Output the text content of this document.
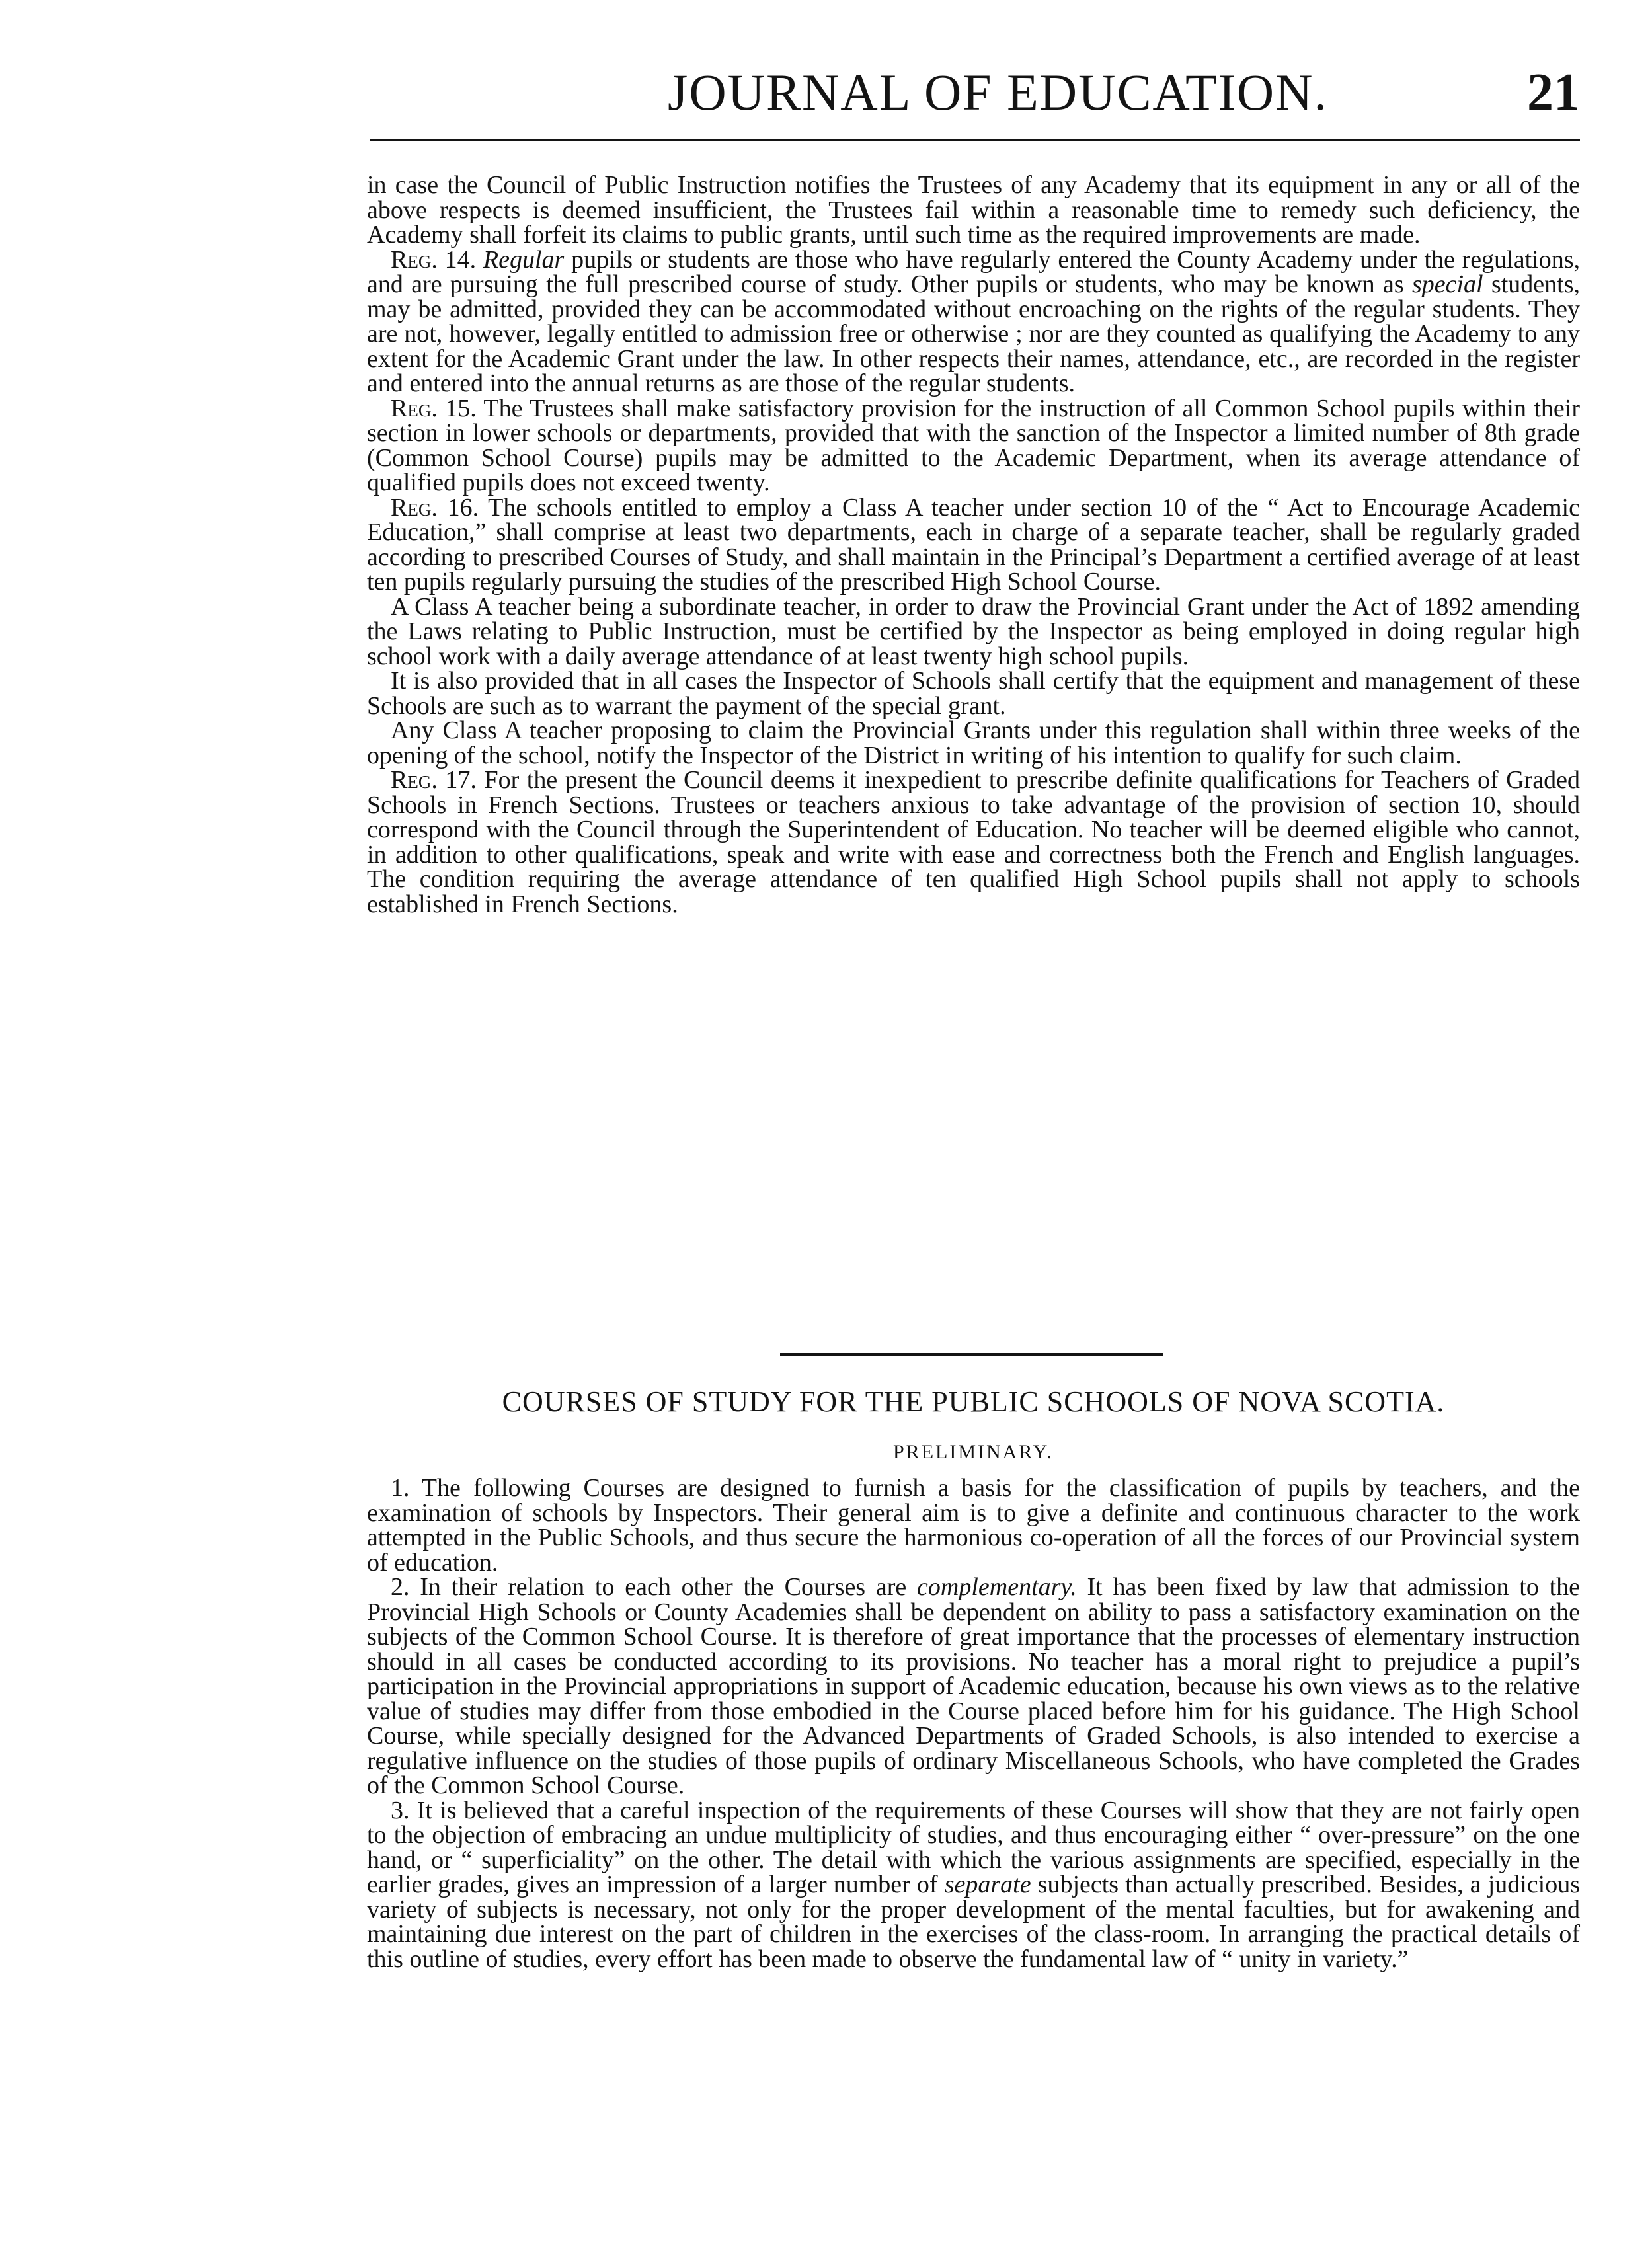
JOURNAL OF EDUCATION.	21

in case the Council of Public Instruction notifies the Trustees of any Academy that its equipment in any or all of the above respects is deemed insufficient, the Trustees fail within a reasonable time to remedy such deficiency, the Academy shall forfeit its claims to public grants, until such time as the required improvements are made.

Reg. 14. Regular pupils or students are those who have regularly entered the County Academy under the regulations, and are pursuing the full prescribed course of study. Other pupils or students, who may be known as special students, may be admitted, provided they can be accommodated without encroaching on the rights of the regular students. They are not, however, legally entitled to admission free or otherwise ; nor are they counted as qualifying the Academy to any extent for the Academic Grant under the law. In other respects their names, attendance, etc., are recorded in the register and entered into the annual returns as are those of the regular students.

Reg. 15. The Trustees shall make satisfactory provision for the instruction of all Common School pupils within their section in lower schools or departments, provided that with the sanction of the Inspector a limited number of 8th grade (Common School Course) pupils may be admitted to the Academic Department, when its average attendance of qualified pupils does not exceed twenty.

Reg. 16. The schools entitled to employ a Class A teacher under section 10 of the “ Act to Encourage Academic Education,” shall comprise at least two departments, each in charge of a separate teacher, shall be regularly graded according to prescribed Courses of Study, and shall maintain in the Principal’s Department a certified average of at least ten pupils regularly pursuing the studies of the prescribed High School Course.

A Class A teacher being a subordinate teacher, in order to draw the Provincial Grant under the Act of 1892 amending the Laws relating to Public Instruction, must be certified by the Inspector as being employed in doing regular high school work with a daily average attendance of at least twenty high school pupils.

It is also provided that in all cases the Inspector of Schools shall certify that the equipment and management of these Schools are such as to warrant the payment of the special grant.

Any Class A teacher proposing to claim the Provincial Grants under this regulation shall within three weeks of the opening of the school, notify the Inspector of the District in writing of his intention to qualify for such claim.

Reg. 17. For the present the Council deems it inexpedient to prescribe definite qualifications for Teachers of Graded Schools in French Sections. Trustees or teachers anxious to take advantage of the provision of section 10, should correspond with the Council through the Superintendent of Education. No teacher will be deemed eligible who cannot, in addition to other qualifications, speak and write with ease and correctness both the French and English languages. The condition requiring the average attendance of ten qualified High School pupils shall not apply to schools established in French Sections.

COURSES OF STUDY FOR THE PUBLIC SCHOOLS OF NOVA SCOTIA.
PRELIMINARY.

1. The following Courses are designed to furnish a basis for the classification of pupils by teachers, and the examination of schools by Inspectors. Their general aim is to give a definite and continuous character to the work attempted in the Public Schools, and thus secure the harmonious co-operation of all the forces of our Provincial system of education.

2. In their relation to each other the Courses are complementary. It has been fixed by law that admission to the Provincial High Schools or County Academies shall be dependent on ability to pass a satisfactory examination on the subjects of the Common School Course. It is therefore of great importance that the processes of elementary instruction should in all cases be conducted according to its provisions. No teacher has a moral right to prejudice a pupil’s participation in the Provincial appropriations in support of Academic education, because his own views as to the relative value of studies may differ from those embodied in the Course placed before him for his guidance. The High School Course, while specially designed for the Advanced Departments of Graded Schools, is also intended to exercise a regulative influence on the studies of those pupils of ordinary Miscellaneous Schools, who have completed the Grades of the Common School Course.

3. It is believed that a careful inspection of the requirements of these Courses will show that they are not fairly open to the objection of embracing an undue multiplicity of studies, and thus encouraging either “ over-pressure” on the one hand, or “ superficiality” on the other. The detail with which the various assignments are specified, especially in the earlier grades, gives an impression of a larger number of separate subjects than actually prescribed. Besides, a judicious variety of subjects is necessary, not only for the proper development of the mental faculties, but for awakening and maintaining due interest on the part of children in the exercises of the class-room. In arranging the practical details of this outline of studies, every effort has been made to observe the fundamental law of “ unity in variety.”
